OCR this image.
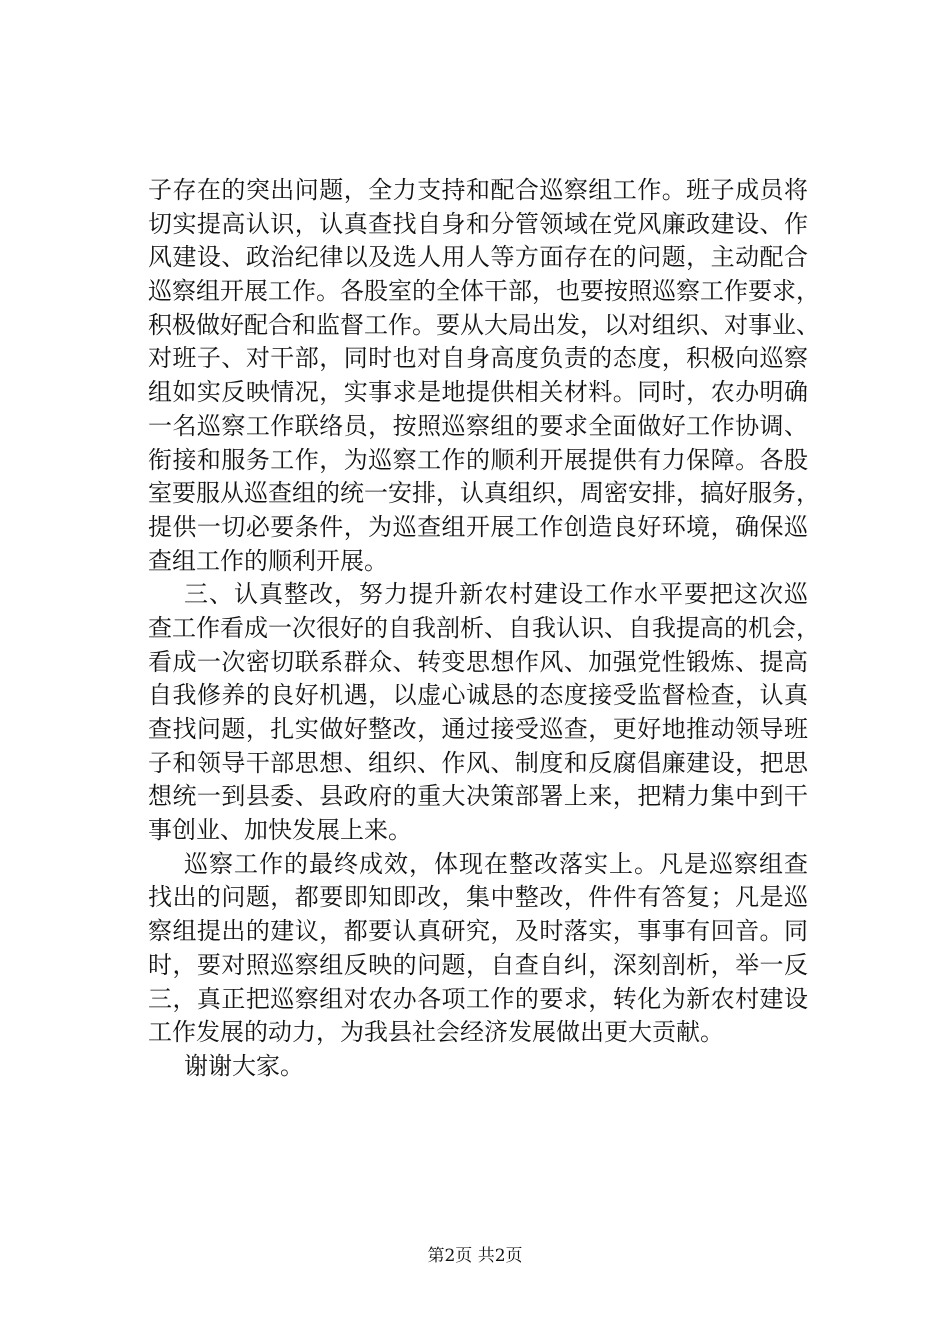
子存在的突出问题，全力支持和配合巡察组工作。班子成员将
切实提高认识，认真查找自身和分管领域在党风廉政建设、作
风建设、政治纪律以及选人用人等方面存在的问题，主动配合
巡察组开展工作。各股室的全体干部，也要按照巡察工作要求，
积极做好配合和监督工作。要从大局出发，以对组织、对事业、
对班子、对干部，同时也对自身高度负责的态度，积极向巡察
组如实反映情况，实事求是地提供相关材料。同时，农办明确
一名巡察工作联络员，按照巡察组的要求全面做好工作协调、
衔接和服务工作，为巡察工作的顺利开展提供有力保障。各股
室要服从巡查组的统一安排，认真组织，周密安排，搞好服务，
提供一切必要条件，为巡查组开展工作创造良好环境，确保巡
查组工作的顺利开展。
三、认真整改，努力提升新农村建设工作水平要把这次巡
查工作看成一次很好的自我剖析、自我认识、自我提高的机会，
看成一次密切联系群众、转变思想作风、加强党性锻炼、提高
自我修养的良好机遇，以虚心诚恳的态度接受监督检查，认真
查找问题，扎实做好整改，通过接受巡查，更好地推动领导班
子和领导干部思想、组织、作风、制度和反腐倡廉建设，把思
想统一到县委、县政府的重大决策部署上来，把精力集中到干
事创业、加快发展上来。
巡察工作的最终成效，体现在整改落实上。凡是巡察组查
找出的问题，都要即知即改，集中整改，件件有答复；凡是巡
察组提出的建议，都要认真研究，及时落实，事事有回音。同
时，要对照巡察组反映的问题，自查自纠，深刻剖析，举一反
三，真正把巡察组对农办各项工作的要求，转化为新农村建设
工作发展的动力，为我县社会经济发展做出更大贡献。
谢谢大家。
第2页 共2页
